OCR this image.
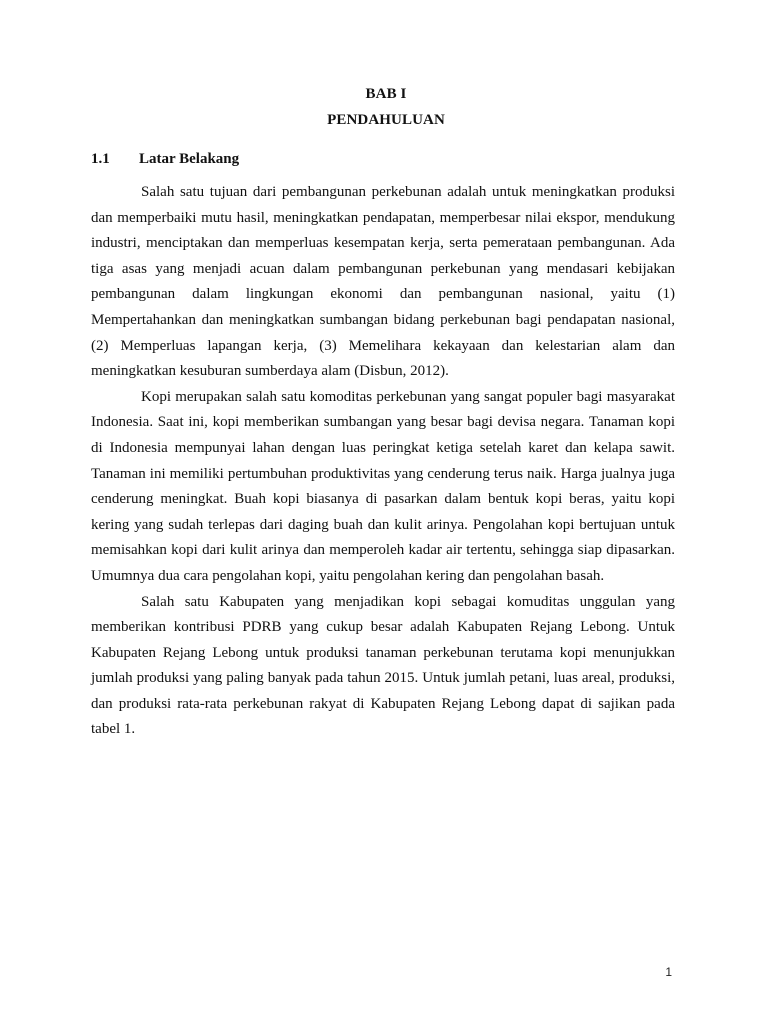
BAB I
PENDAHULUAN
1.1 Latar Belakang

Salah satu tujuan dari pembangunan perkebunan adalah untuk meningkatkan produksi dan memperbaiki mutu hasil, meningkatkan pendapatan, memperbesar nilai ekspor, mendukung industri, menciptakan dan memperluas kesempatan kerja, serta pemerataan pembangunan. Ada tiga asas yang menjadi acuan dalam pembangunan perkebunan yang mendasari kebijakan pembangunan dalam lingkungan ekonomi dan pembangunan nasional, yaitu (1) Mempertahankan dan meningkatkan sumbangan bidang perkebunan bagi pendapatan nasional, (2) Memperluas lapangan kerja, (3) Memelihara kekayaan dan kelestarian alam dan meningkatkan kesuburan sumberdaya alam (Disbun, 2012).

Kopi merupakan salah satu komoditas perkebunan yang sangat populer bagi masyarakat Indonesia. Saat ini, kopi memberikan sumbangan yang besar bagi devisa negara. Tanaman kopi di Indonesia mempunyai lahan dengan luas peringkat ketiga setelah karet dan kelapa sawit. Tanaman ini memiliki pertumbuhan produktivitas yang cenderung terus naik. Harga jualnya juga cenderung meningkat. Buah kopi biasanya di pasarkan dalam bentuk kopi beras, yaitu kopi kering yang sudah terlepas dari daging buah dan kulit arinya. Pengolahan kopi bertujuan untuk memisahkan kopi dari kulit arinya dan memperoleh kadar air tertentu, sehingga siap dipasarkan. Umumnya dua cara pengolahan kopi, yaitu pengolahan kering dan pengolahan basah.

Salah satu Kabupaten yang menjadikan kopi sebagai komuditas unggulan yang memberikan kontribusi PDRB yang cukup besar adalah Kabupaten Rejang Lebong. Untuk Kabupaten Rejang Lebong untuk produksi tanaman perkebunan terutama kopi menunjukkan jumlah produksi yang paling banyak pada tahun 2015. Untuk jumlah petani, luas areal, produksi, dan produksi rata-rata perkebunan rakyat di Kabupaten Rejang Lebong dapat di sajikan pada tabel 1.

1
